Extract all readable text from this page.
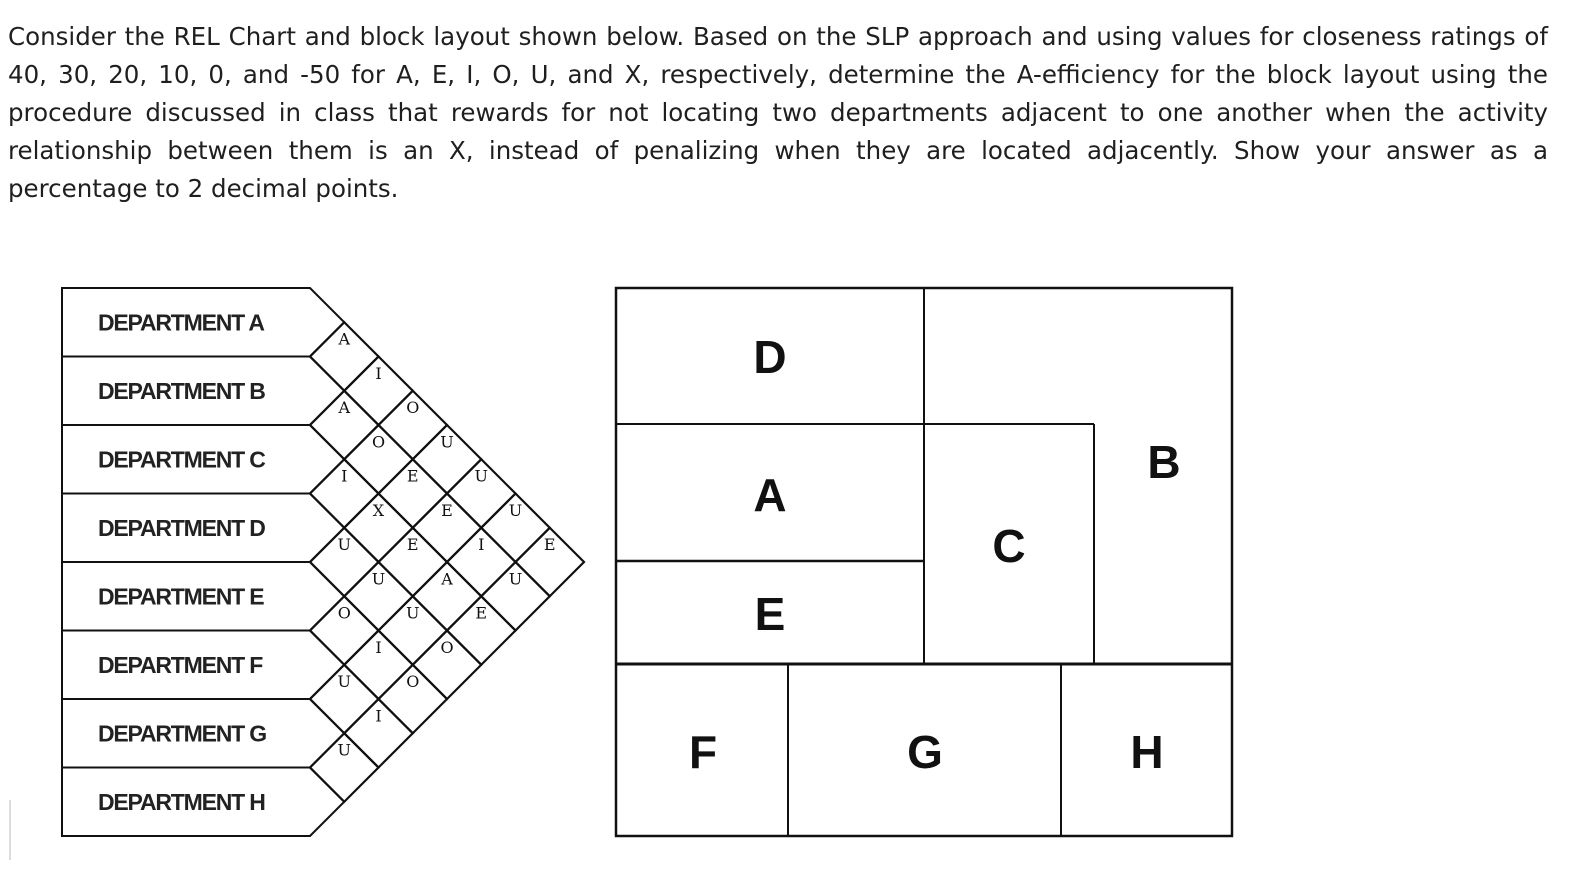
Consider the REL Chart and block layout shown below. Based on the SLP approach and using values for closeness ratings of 40, 30, 20, 10, 0, and -50 for A, E, I, O, U, and X, respectively, determine the A-efficiency for the block layout using the procedure discussed in class that rewards for not locating two departments adjacent to one another when the activity relationship between them is an X, instead of penalizing when they are located adjacently. Show your answer as a percentage to 2 decimal points.

DEPARTMENT A
DEPARTMENT B
DEPARTMENT C
DEPARTMENT D
DEPARTMENT E
DEPARTMENT F
DEPARTMENT G
DEPARTMENT H
A
I
O
U
U
U
E
A
O
E
E
I
U
I
X
E
A
E
U
U
U
O
O
I
O
U
I
U
D
A
E
C
B
F	G	H
